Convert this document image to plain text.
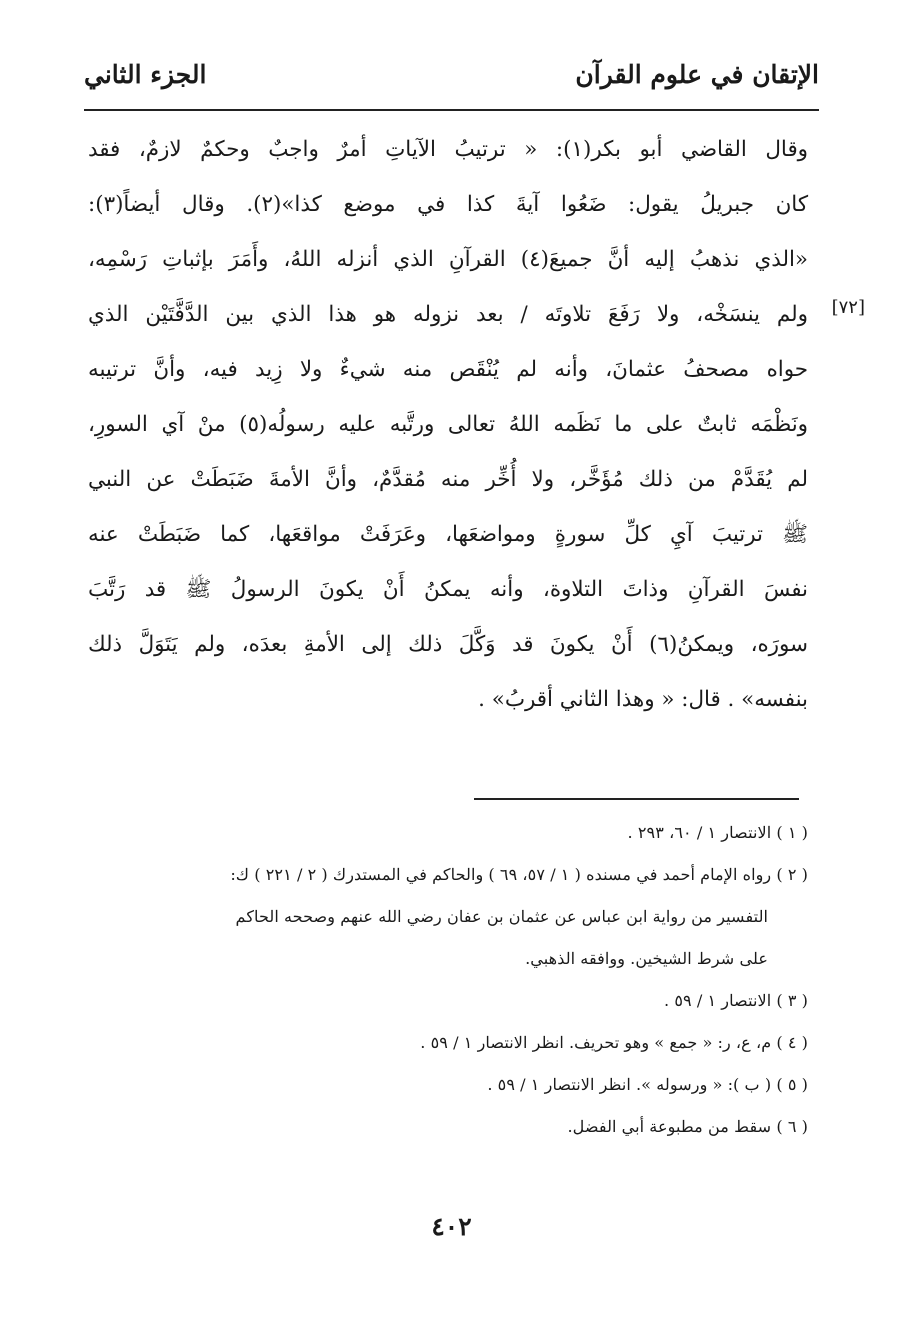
الإتقان في علوم القرآن
الجزء الثاني
[٧٢]
وقال القاضي أبو بكر(١): « ترتيبُ الآياتِ أمرٌ واجبٌ وحكمٌ لازمٌ، فقد
كان جبريلُ يقول: ضَعُوا آيةَ كذا في موضع كذا»(٢). وقال أيضاً(٣):
«الذي نذهبُ إليه أنَّ جميعَ(٤) القرآنِ الذي أنزله اللهُ، وأَمَرَ بإثباتِ رَسْمِه،
ولم ينسَخْه، ولا رَفَعَ تلاوتَه / بعد نزوله هو هذا الذي بين الدَّفَّتَيْن الذي
حواه مصحفُ عثمانَ، وأنه لم يُنْقَص منه شيءٌ ولا زِيد فيه، وأنَّ ترتيبه
ونَظْمَه ثابتٌ على ما نَظَمه اللهُ تعالى ورتَّبه عليه رسولُه(٥) منْ آي السورِ،
لم يُقَدَّمْ من ذلك مُؤَخَّر، ولا أُخِّر منه مُقدَّمٌ، وأنَّ الأمةَ ضَبَطَتْ عن النبي
ﷺ ترتيبَ آيِ كلِّ سورةٍ ومواضعَها، وعَرَفَتْ مواقعَها، كما ضَبَطَتْ عنه
نفسَ القرآنِ وذاتَ التلاوة، وأنه يمكنُ أَنْ يكونَ الرسولُ ﷺ قد رَتَّبَ
سورَه، ويمكنُ(٦) أَنْ يكونَ قد وَكَّلَ ذلك إلى الأمةِ بعدَه، ولم يَتَوَلَّ ذلك
بنفسه» . قال: « وهذا الثاني أقربُ» .
( ١ ) الانتصار ١ / ٦٠، ٢٩٣ .
( ٢ ) رواه الإمام أحمد في مسنده ( ١ / ٥٧، ٦٩ ) والحاكم في المستدرك ( ٢ / ٢٢١ ) ك:
التفسير من رواية ابن عباس عن عثمان بن عفان رضي الله عنهم وصححه الحاكم
على شرط الشيخين. ووافقه الذهبي.
( ٣ ) الانتصار ١ / ٥٩ .
( ٤ ) م، ع، ر: « جمع » وهو تحريف. انظر الانتصار ١ / ٥٩ .
( ٥ ) ( ب ): « ورسوله ». انظر الانتصار ١ / ٥٩ .
( ٦ ) سقط من مطبوعة أبي الفضل.
٤٠٢
